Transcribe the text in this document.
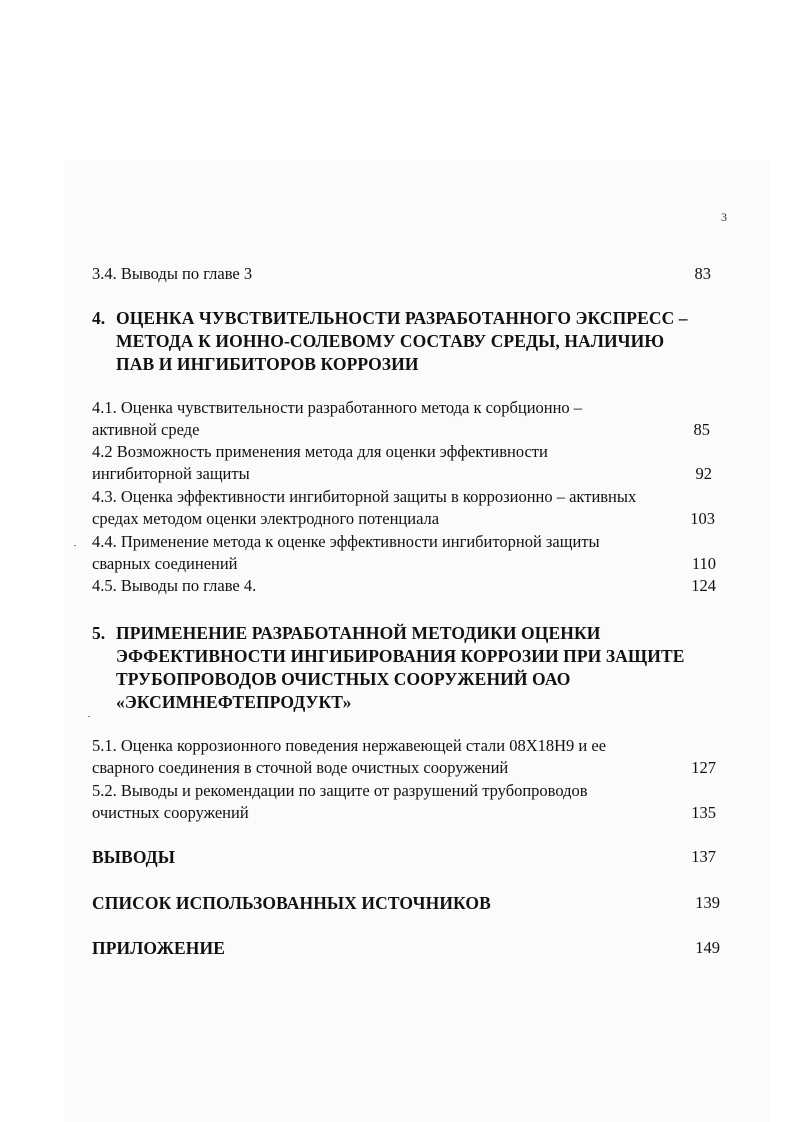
3
3.4. Выводы по главе 3	83
4. ОЦЕНКА ЧУВСТВИТЕЛЬНОСТИ РАЗРАБОТАННОГО ЭКСПРЕСС –
МЕТОДА К ИОННО-СОЛЕВОМУ СОСТАВУ СРЕДЫ, НАЛИЧИЮ
ПАВ И ИНГИБИТОРОВ КОРРОЗИИ
4.1. Оценка чувствительности разработанного метода к сорбционно –
активной среде	85
4.2 Возможность применения метода для оценки эффективности
ингибиторной защиты	92
4.3. Оценка эффективности ингибиторной защиты в коррозионно – активных
средах методом оценки электродного потенциала	103
4.4. Применение метода к оценке эффективности ингибиторной защиты
сварных соединений	110
4.5. Выводы по главе 4.	124
5. ПРИМЕНЕНИЕ РАЗРАБОТАННОЙ МЕТОДИКИ ОЦЕНКИ
ЭФФЕКТИВНОСТИ ИНГИБИРОВАНИЯ КОРРОЗИИ ПРИ ЗАЩИТЕ
ТРУБОПРОВОДОВ ОЧИСТНЫХ СООРУЖЕНИЙ ОАО
«ЭКСИМНЕФТЕПРОДУКТ»
5.1. Оценка коррозионного поведения нержавеющей стали 08Х18Н9 и ее
сварного соединения в сточной воде очистных сооружений	127
5.2. Выводы и рекомендации по защите от разрушений трубопроводов
очистных сооружений	135
ВЫВОДЫ	137
СПИСОК ИСПОЛЬЗОВАННЫХ ИСТОЧНИКОВ	139
ПРИЛОЖЕНИЕ	149
